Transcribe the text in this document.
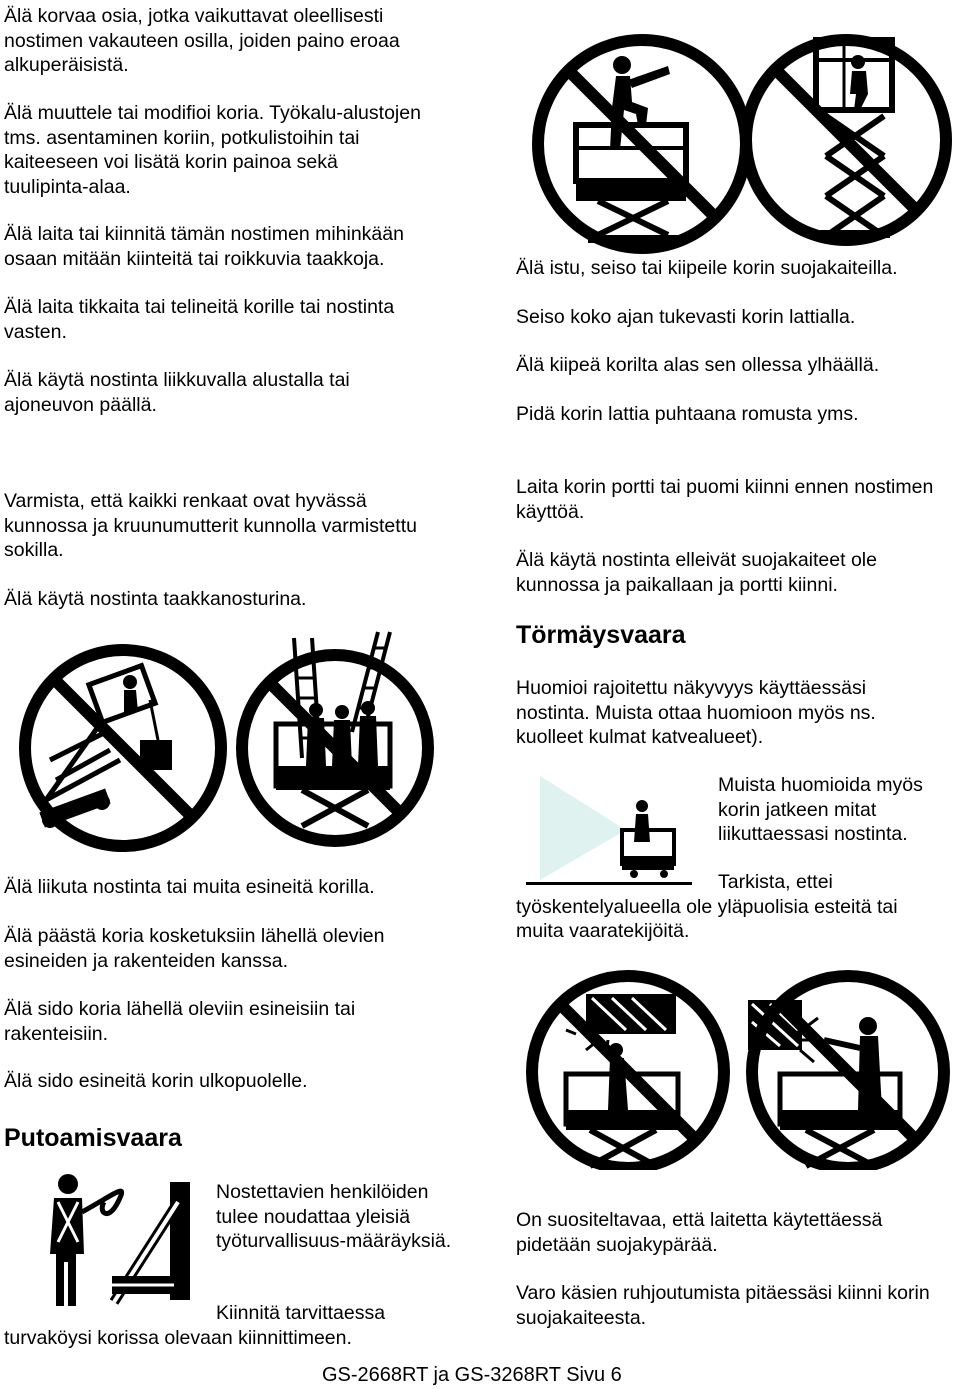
Älä korvaa osia, jotka vaikuttavat oleellisesti nostimen vakauteen osilla, joiden paino eroaa alkuperäisistä.
Älä muuttele tai modifioi koria. Työkalu-alustojen tms. asentaminen koriin, potkulistoihin tai kaiteeseen voi lisätä korin painoa sekä tuulipinta-alaa.
Älä laita tai kiinnitä tämän nostimen mihinkään osaan mitään kiinteitä tai roikkuvia taakkoja.
Älä laita tikkaita tai telineitä korille tai nostinta vasten.
Älä käytä nostinta liikkuvalla alustalla tai ajoneuvon päällä.
Varmista, että kaikki renkaat ovat hyvässä kunnossa ja kruunumutterit kunnolla varmistettu sokilla.
Älä käytä nostinta taakkanosturina.
Älä liikuta nostinta tai muita esineitä korilla.
Älä päästä koria kosketuksiin lähellä olevien esineiden ja rakenteiden kanssa.
Älä sido koria lähellä oleviin esineisiin tai rakenteisiin.
Älä sido esineitä korin ulkopuolelle.
Putoamisvaara
Nostettavien henkilöiden tulee noudattaa yleisiä työturvallisuus-määräyksiä.
Kiinnitä tarvittaessa turvaköysi korissa olevaan kiinnittimeen.
Älä istu, seiso tai kiipeile korin suojakaiteilla.
Seiso koko ajan tukevasti korin lattialla.
Älä kiipeä korilta alas sen ollessa ylhäällä.
Pidä korin lattia puhtaana romusta yms.
Laita korin portti tai puomi kiinni ennen nostimen käyttöä.
Älä käytä nostinta elleivät suojakaiteet ole kunnossa ja paikallaan ja portti kiinni.
Törmäysvaara
Huomioi rajoitettu näkyvyys käyttäessäsi nostinta. Muista ottaa huomioon myös ns. kuolleet kulmat katvealueet).
Muista huomioida myös korin jatkeen mitat liikuttaessasi nostinta.
Tarkista, ettei työskentelyalueella ole yläpuolisia esteitä tai muita vaaratekijöitä.
On suositeltavaa, että laitetta käytettäessä pidetään suojakypärää.
Varo käsien ruhjoutumista pitäessäsi kiinni korin suojakaiteesta.
GS-2668RT ja GS-3268RT Sivu 6
